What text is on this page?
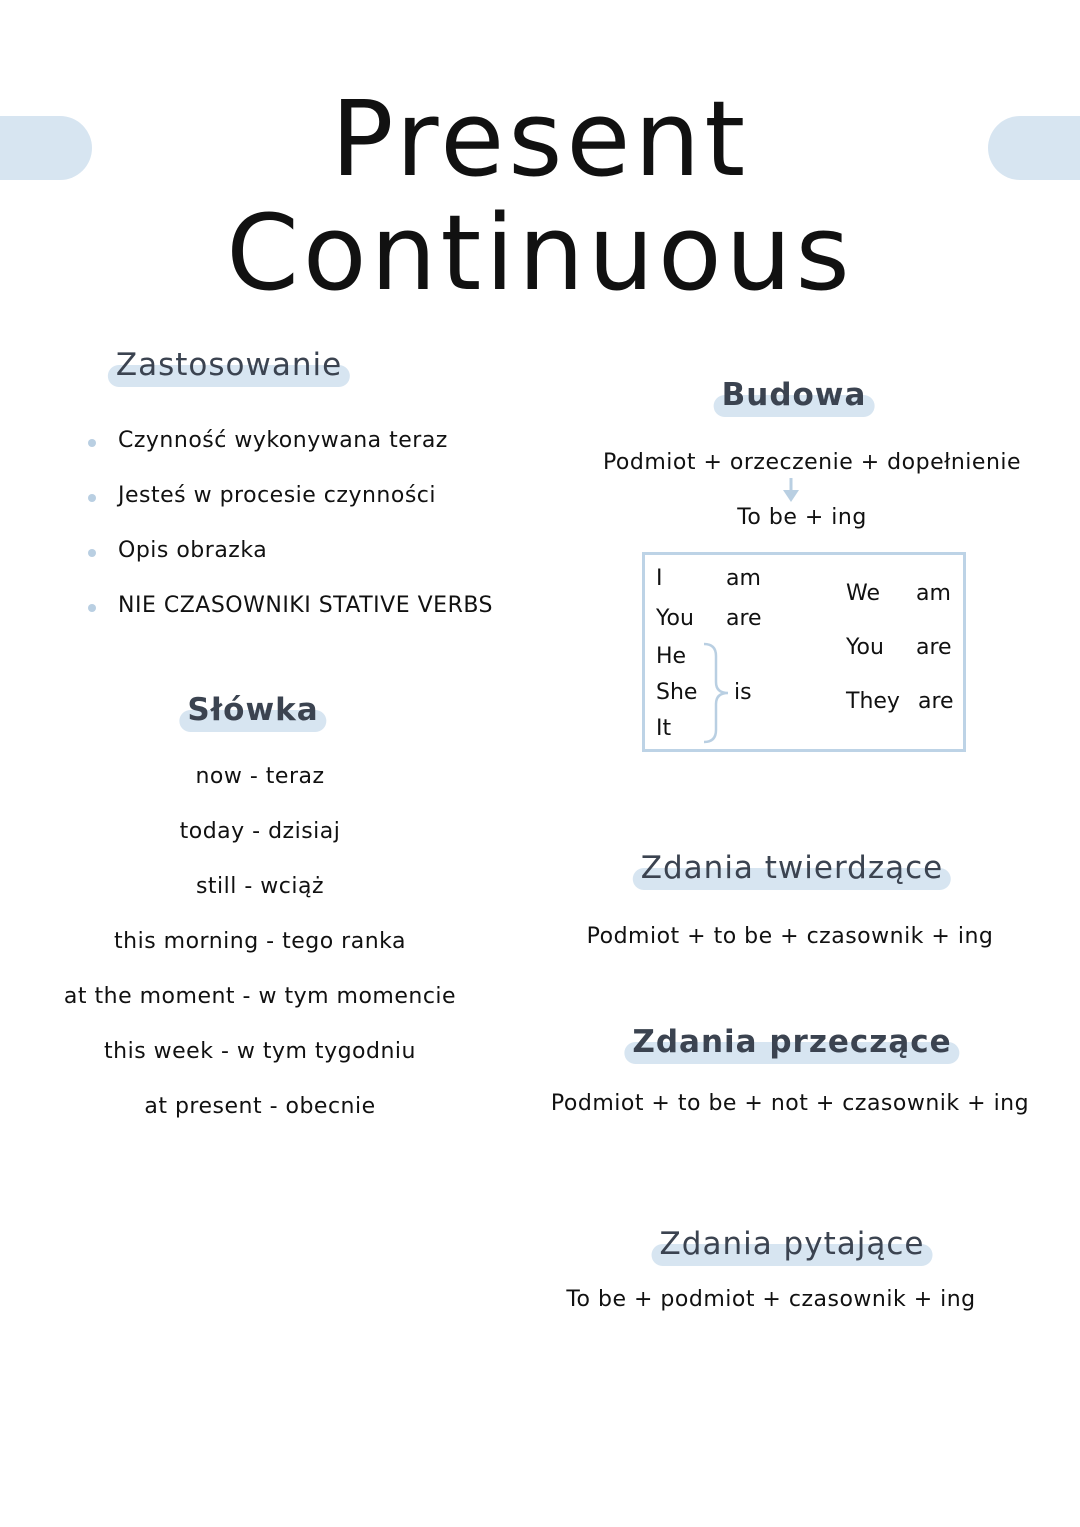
Present Continuous
Zastosowanie
Czynność wykonywana teraz
Jesteś w procesie czynności
Opis obrazka
NIE CZASOWNIKI STATIVE VERBS
Słówka
now - teraz
today - dzisiaj
still - wciąż
this morning - tego ranka
at the moment - w tym momencie
this week - w tym tygodniu
at present - obecnie
Budowa
Podmiot + orzeczenie + dopełnienie
To be + ing
I	am
You are
He
She is
It
We am
You are
They are
Zdania twierdzące
Podmiot + to be + czasownik + ing
Zdania przeczące
Podmiot + to be + not + czasownik + ing
Zdania pytające
To be + podmiot + czasownik + ing
